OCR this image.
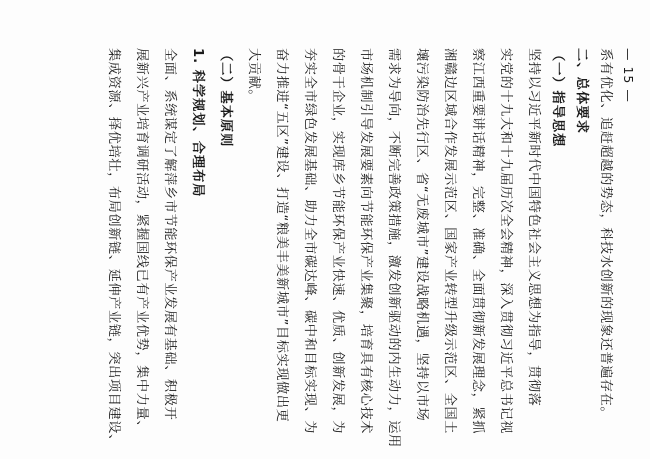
— 15 —
系有优化、追赶超越的势态，科技水创新的现象还普遍存在。
二、总体要求
（一）指导思想
坚持以习近平新时代中国特色社会主义思想为指导，贯彻落
实党的十九大和十九届历次全会精神，深入贯彻习近平总书记视
察江西重要讲话精神，完整、准确、全面贯彻新发展理念，紧抓
湘赣边区域合作发展示范区、国家产业转型升级示范区、全国土
壤污染防治先行区、省“无废城市”建设战略机遇，坚持以市场
需求为导向，不断完善政策措施，激发创新驱动的内生动力，运用
市场机制引导发展要素向节能环保产业集聚，培育具有核心技术
的骨干企业，实现库乡节能环保产业快速、优质、创新发展，为
夯实全市绿色发展基础、助力全市碳达峰、碳中和目标实现、为
奋力推进“五区”建设、打造“粮美丰美新城市”目标实现做出更
大贡献。
（二）基本原则
1. 科学规划、合理布局
全面、系统谋定了解萍乡市节能环保产业发展有基础、积极开
展新兴产业培育调研活动，紧握国线已有产业优势，集中力量、
集成资源、择优培壮，布局创新链、延伸产业链，突出项目建设、
